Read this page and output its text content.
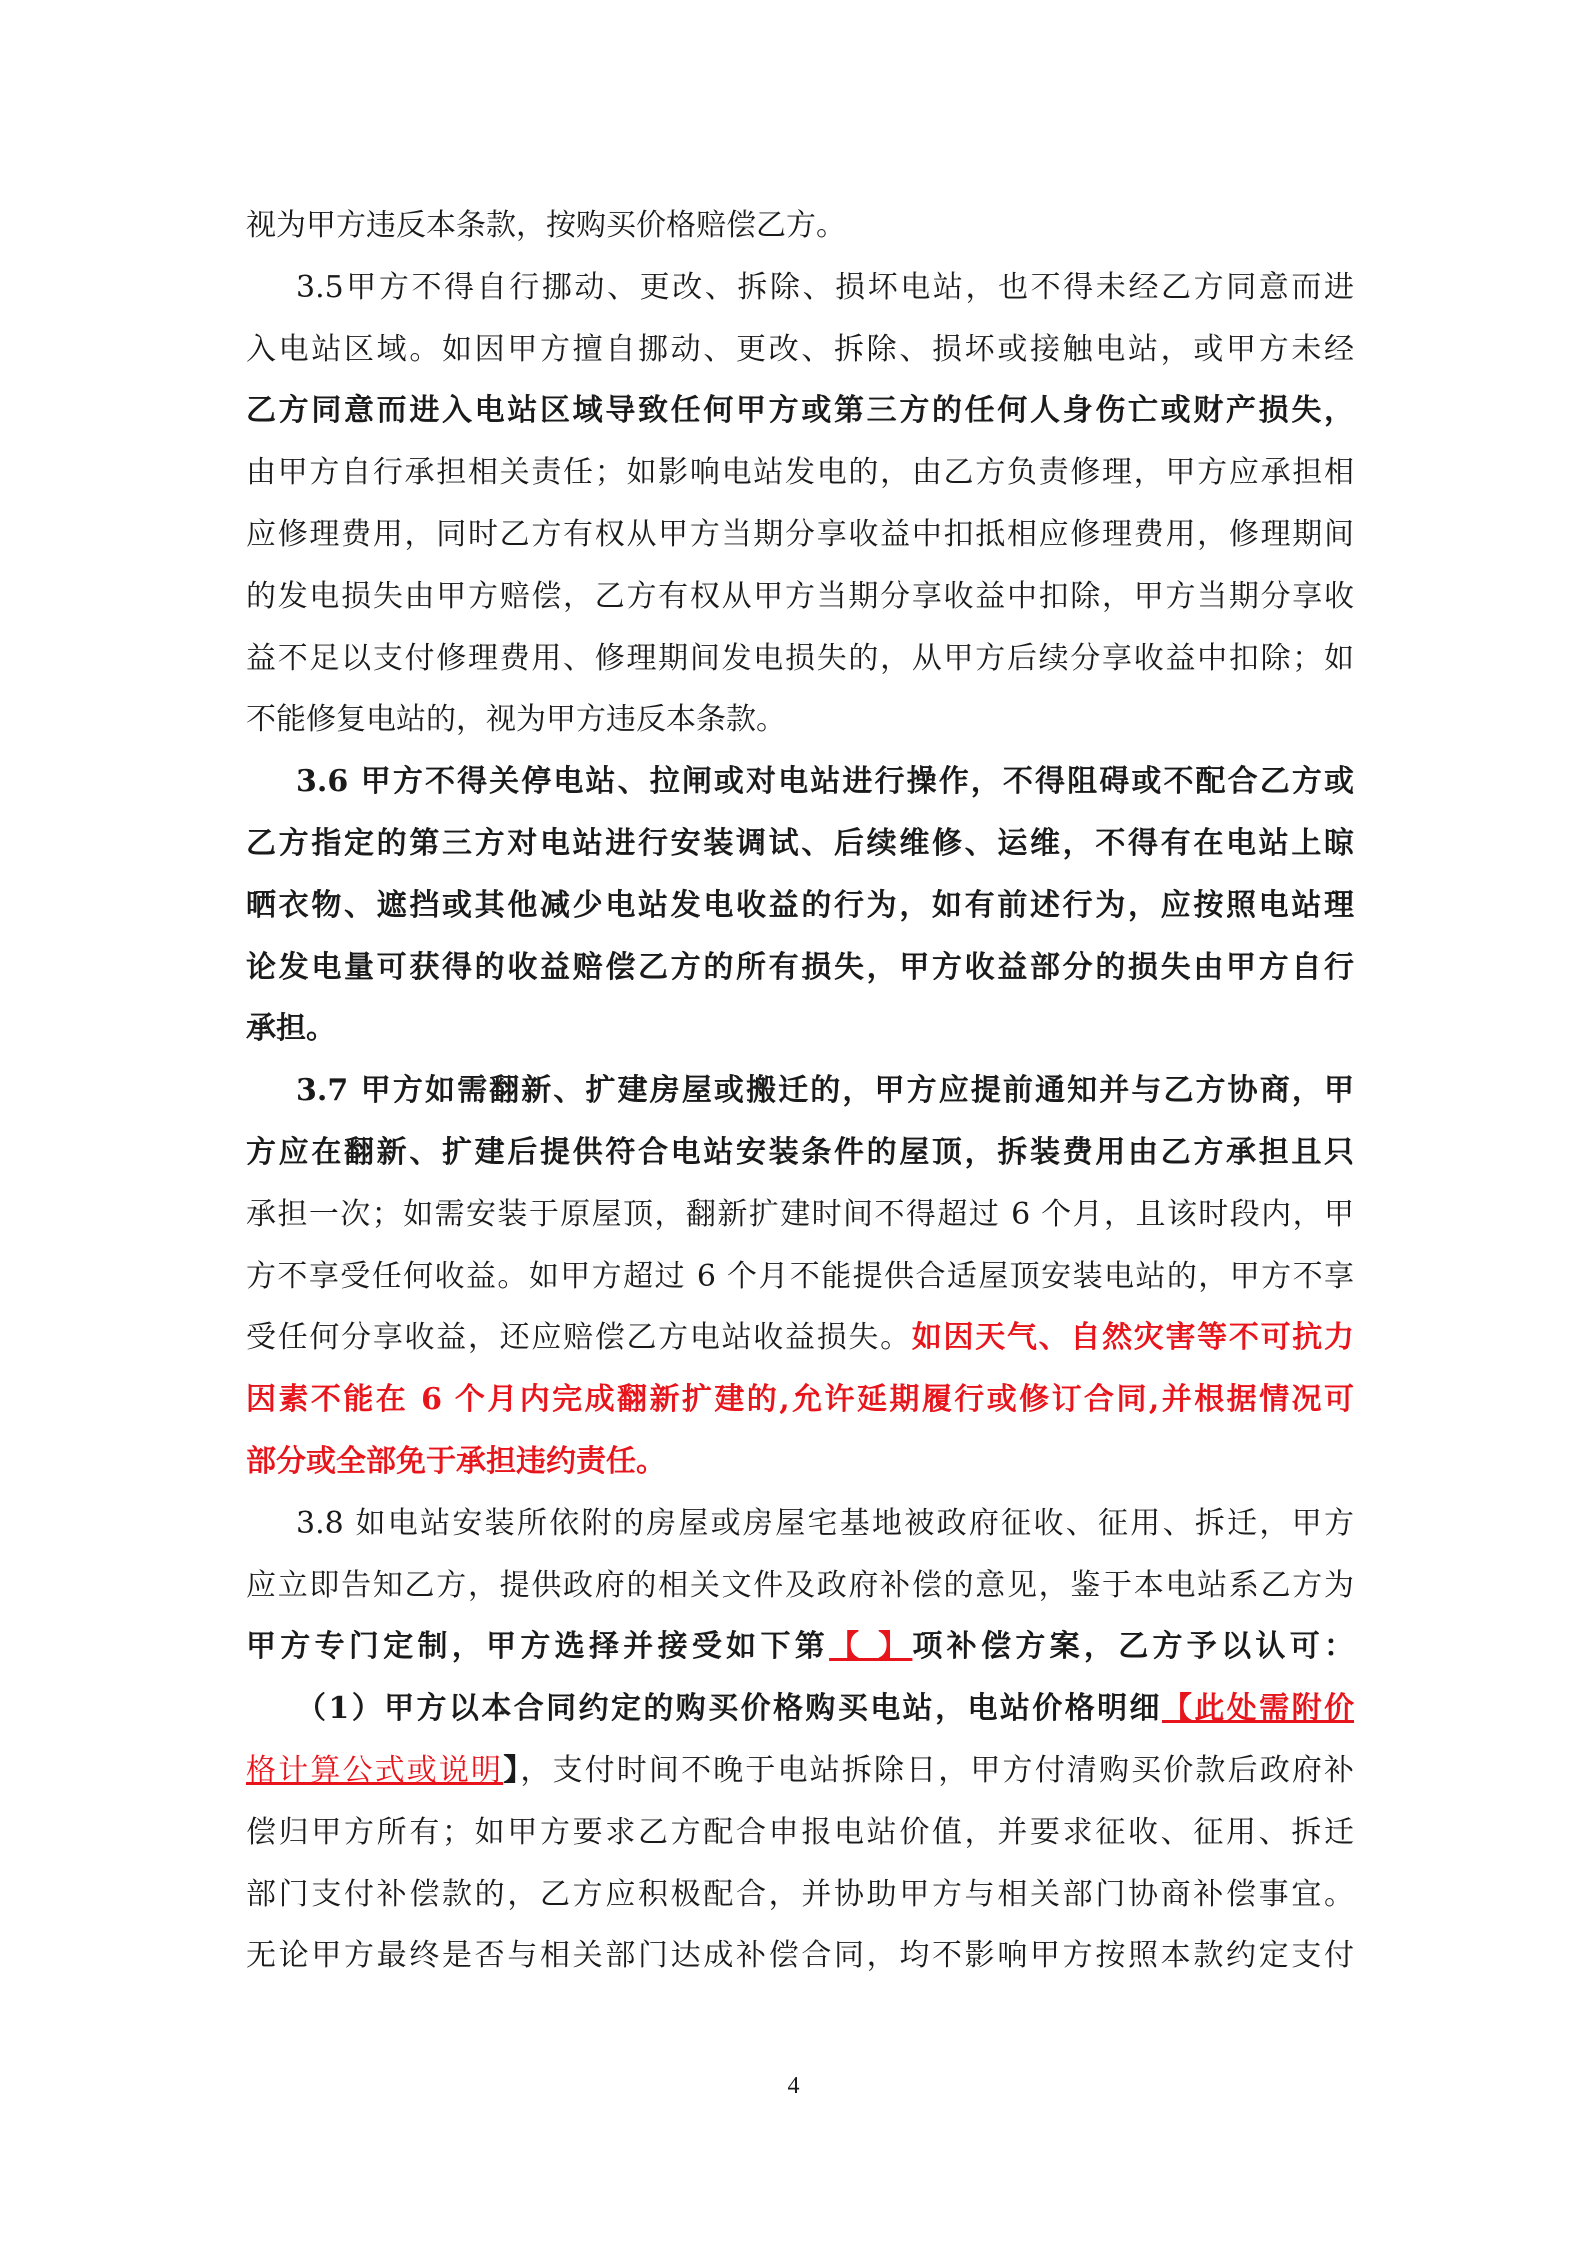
视为甲方违反本条款，按购买价格赔偿乙方。
3.5甲方不得自行挪动、更改、拆除、损坏电站，也不得未经乙方同意而进
入电站区域。如因甲方擅自挪动、更改、拆除、损坏或接触电站，或甲方未经
乙方同意而进入电站区域导致任何甲方或第三方的任何人身伤亡或财产损失，
由甲方自行承担相关责任；如影响电站发电的，由乙方负责修理，甲方应承担相
应修理费用，同时乙方有权从甲方当期分享收益中扣抵相应修理费用，修理期间
的发电损失由甲方赔偿，乙方有权从甲方当期分享收益中扣除，甲方当期分享收
益不足以支付修理费用、修理期间发电损失的，从甲方后续分享收益中扣除；如
不能修复电站的，视为甲方违反本条款。
3.6 甲方不得关停电站、拉闸或对电站进行操作，不得阻碍或不配合乙方或
乙方指定的第三方对电站进行安装调试、后续维修、运维，不得有在电站上晾
晒衣物、遮挡或其他减少电站发电收益的行为，如有前述行为，应按照电站理
论发电量可获得的收益赔偿乙方的所有损失，甲方收益部分的损失由甲方自行
承担。
3.7 甲方如需翻新、扩建房屋或搬迁的，甲方应提前通知并与乙方协商，甲
方应在翻新、扩建后提供符合电站安装条件的屋顶，拆装费用由乙方承担且只
承担一次；如需安装于原屋顶，翻新扩建时间不得超过 6 个月，且该时段内，甲
方不享受任何收益。如甲方超过 6 个月不能提供合适屋顶安装电站的，甲方不享
受任何分享收益，还应赔偿乙方电站收益损失。如因天气、自然灾害等不可抗力
因素不能在 6 个月内完成翻新扩建的,允许延期履行或修订合同,并根据情况可
部分或全部免于承担违约责任。
3.8 如电站安装所依附的房屋或房屋宅基地被政府征收、征用、拆迁，甲方
应立即告知乙方，提供政府的相关文件及政府补偿的意见，鉴于本电站系乙方为
甲方专门定制，甲方选择并接受如下第【 】项补偿方案，乙方予以认可：
（1）甲方以本合同约定的购买价格购买电站，电站价格明细【此处需附价
格计算公式或说明】，支付时间不晚于电站拆除日，甲方付清购买价款后政府补
偿归甲方所有；如甲方要求乙方配合申报电站价值，并要求征收、征用、拆迁
部门支付补偿款的，乙方应积极配合，并协助甲方与相关部门协商补偿事宜。
无论甲方最终是否与相关部门达成补偿合同，均不影响甲方按照本款约定支付
4
